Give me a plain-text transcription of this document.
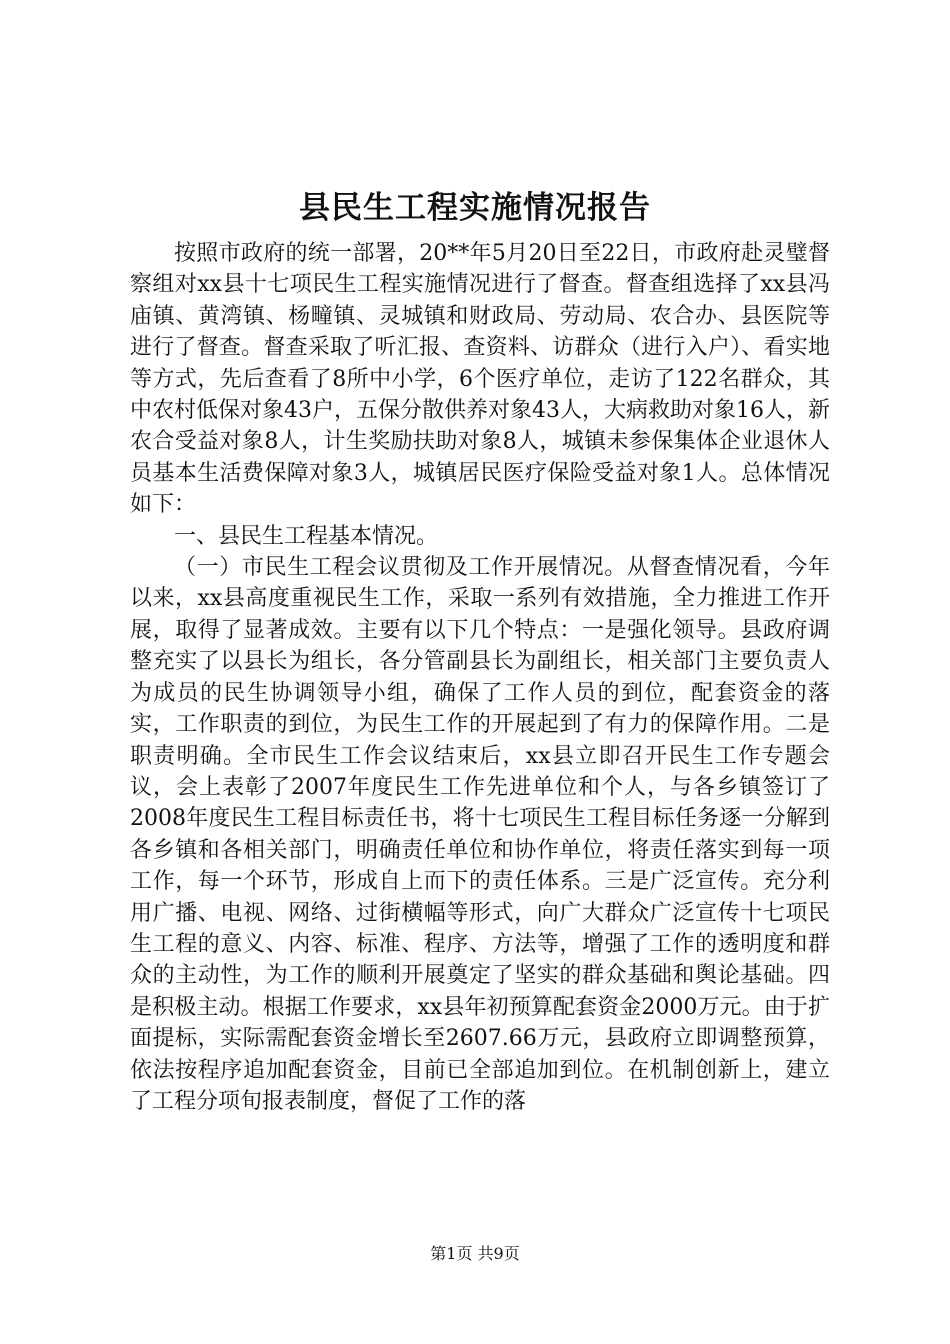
县民生工程实施情况报告

按照市政府的统一部署，20**年5月20日至22日，市政府赴灵璧督察组对xx县十七项民生工程实施情况进行了督查。督查组选择了xx县冯庙镇、黄湾镇、杨疃镇、灵城镇和财政局、劳动局、农合办、县医院等进行了督查。督查采取了听汇报、查资料、访群众（进行入户）、看实地等方式，先后查看了8所中小学，6个医疗单位，走访了122名群众，其中农村低保对象43户，五保分散供养对象43人，大病救助对象16人，新农合受益对象8人，计生奖励扶助对象8人，城镇未参保集体企业退休人员基本生活费保障对象3人，城镇居民医疗保险受益对象1人。总体情况如下：

一、县民生工程基本情况。

（一）市民生工程会议贯彻及工作开展情况。从督查情况看，今年以来，xx县高度重视民生工作，采取一系列有效措施，全力推进工作开展，取得了显著成效。主要有以下几个特点：一是强化领导。县政府调整充实了以县长为组长，各分管副县长为副组长，相关部门主要负责人为成员的民生协调领导小组，确保了工作人员的到位，配套资金的落实，工作职责的到位，为民生工作的开展起到了有力的保障作用。二是职责明确。全市民生工作会议结束后，xx县立即召开民生工作专题会议，会上表彰了2007年度民生工作先进单位和个人，与各乡镇签订了2008年度民生工程目标责任书，将十七项民生工程目标任务逐一分解到各乡镇和各相关部门，明确责任单位和协作单位，将责任落实到每一项工作，每一个环节，形成自上而下的责任体系。三是广泛宣传。充分利用广播、电视、网络、过街横幅等形式，向广大群众广泛宣传十七项民生工程的意义、内容、标准、程序、方法等，增强了工作的透明度和群众的主动性，为工作的顺利开展奠定了坚实的群众基础和舆论基础。四是积极主动。根据工作要求，xx县年初预算配套资金2000万元。由于扩面提标，实际需配套资金增长至2607.66万元，县政府立即调整预算，依法按程序追加配套资金，目前已全部追加到位。在机制创新上，建立了工程分项旬报表制度，督促了工作的落

第1页 共9页
